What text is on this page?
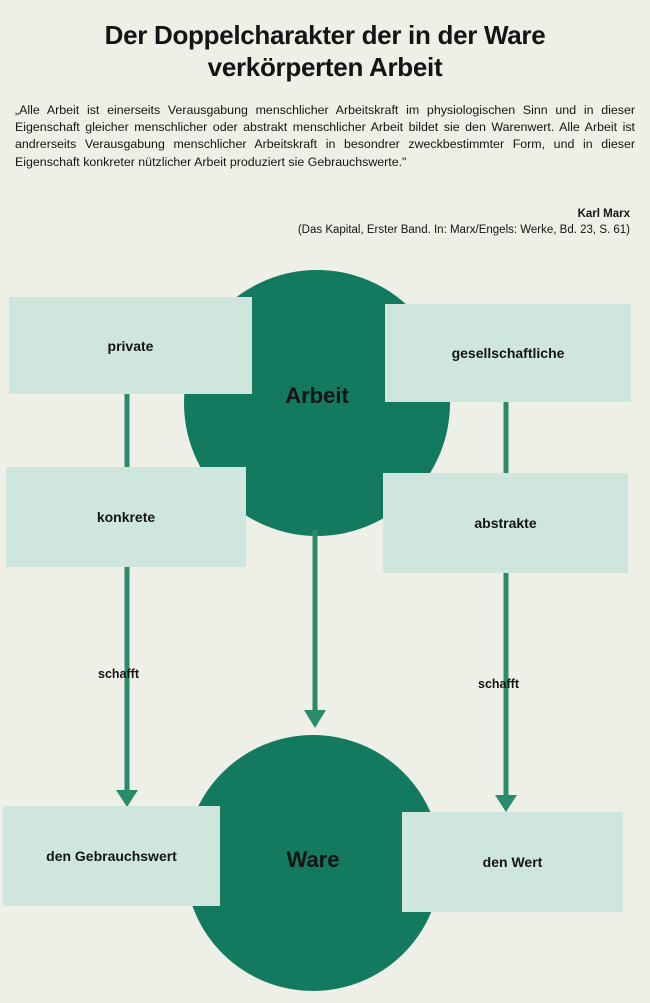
Der Doppelcharakter der in der Ware
verkörperten Arbeit
„Alle Arbeit ist einerseits Verausgabung menschlicher Arbeitskraft im physiologischen Sinn und in dieser Eigenschaft gleicher menschlicher oder abstrakt menschlicher Arbeit bildet sie den Warenwert. Alle Arbeit ist andrerseits Verausgabung menschlicher Arbeitskraft in besondrer zweckbestimmter Form, und in dieser Eigenschaft konkreter nützlicher Arbeit produziert sie Gebrauchswerte."
Karl Marx
(Das Kapital, Erster Band. In: Marx/Engels: Werke, Bd. 23, S. 61)
private	gesellschaftliche
Arbeit
konkrete	abstrakte
schafft
schafft
den Gebrauchswert	den Wert
Ware
